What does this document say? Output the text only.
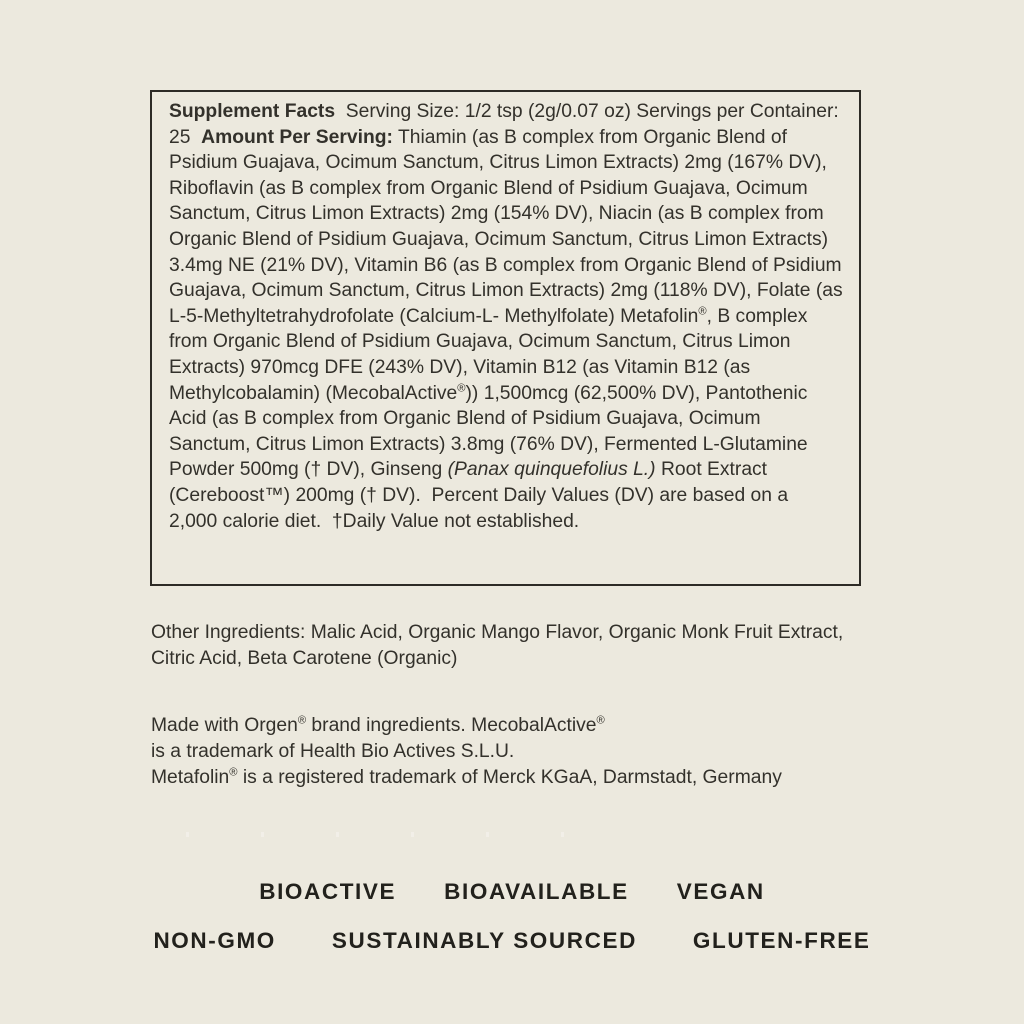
Supplement Facts  Serving Size: 1/2 tsp (2g/0.07 oz) Servings per Container: 25  Amount Per Serving: Thiamin (as B complex from Organic Blend of Psidium Guajava, Ocimum Sanctum, Citrus Limon Extracts) 2mg (167% DV), Riboflavin (as B complex from Organic Blend of Psidium Guajava, Ocimum Sanctum, Citrus Limon Extracts) 2mg (154% DV), Niacin (as B complex from Organic Blend of Psidium Guajava, Ocimum Sanctum, Citrus Limon Extracts) 3.4mg NE (21% DV), Vitamin B6 (as B complex from Organic Blend of Psidium Guajava, Ocimum Sanctum, Citrus Limon Extracts) 2mg (118% DV), Folate (as L-5-Methyltetrahydrofolate (Calcium-L- Methylfolate) Metafolin®, B complex from Organic Blend of Psidium Guajava, Ocimum Sanctum, Citrus Limon Extracts) 970mcg DFE (243% DV), Vitamin B12 (as Vitamin B12 (as Methylcobalamin) (MecobalActive®)) 1,500mcg (62,500% DV), Pantothenic Acid (as B complex from Organic Blend of Psidium Guajava, Ocimum Sanctum, Citrus Limon Extracts) 3.8mg (76% DV), Fermented L-Glutamine Powder 500mg († DV), Ginseng (Panax quinquefolius L.) Root Extract (Cereboost™) 200mg († DV).  Percent Daily Values (DV) are based on a  2,000 calorie diet.  †Daily Value not established.
Other Ingredients: Malic Acid, Organic Mango Flavor, Organic Monk Fruit Extract, Citric Acid, Beta Carotene (Organic)
Made with Orgen® brand ingredients. MecobalActive®
is a trademark of Health Bio Actives S.L.U.
Metafolin® is a registered trademark of Merck KGaA, Darmstadt, Germany
BIOACTIVE BIOAVAILABLE VEGAN
NON-GMO SUSTAINABLY SOURCED GLUTEN-FREE
